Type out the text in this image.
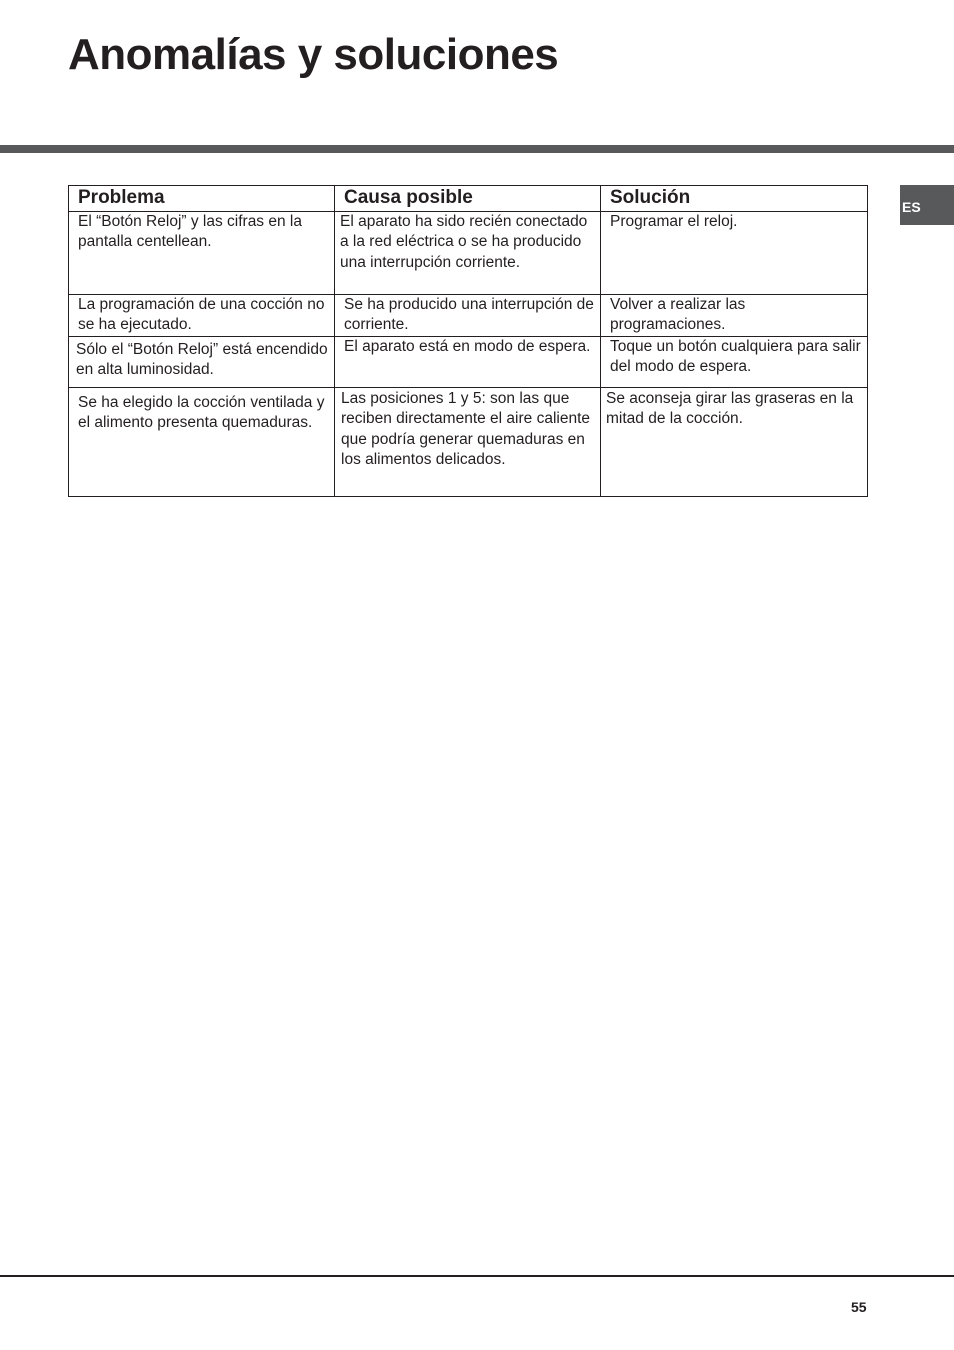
Anomalías y soluciones
ES
Problema	Causa posible	Solución
El “Botón Reloj” y las cifras en la pantalla centellean.	El aparato ha sido recién conectado a la red eléctrica o se ha producido una interrupción corriente.	Programar el reloj.
La programación de una cocción no se ha ejecutado.	Se ha producido una interrupción de corriente.	Volver a realizar las programaciones.
Sólo el “Botón Reloj” está encendido en alta luminosidad.	El aparato está en modo de espera.	Toque un botón cualquiera para salir del modo de espera.
Se ha elegido la cocción ventilada y el alimento presenta quemaduras.	Las posiciones 1 y 5: son las que reciben directamente el aire caliente que podría generar quemaduras en los alimentos delicados.	Se aconseja girar las graseras en la mitad de la cocción.
55
